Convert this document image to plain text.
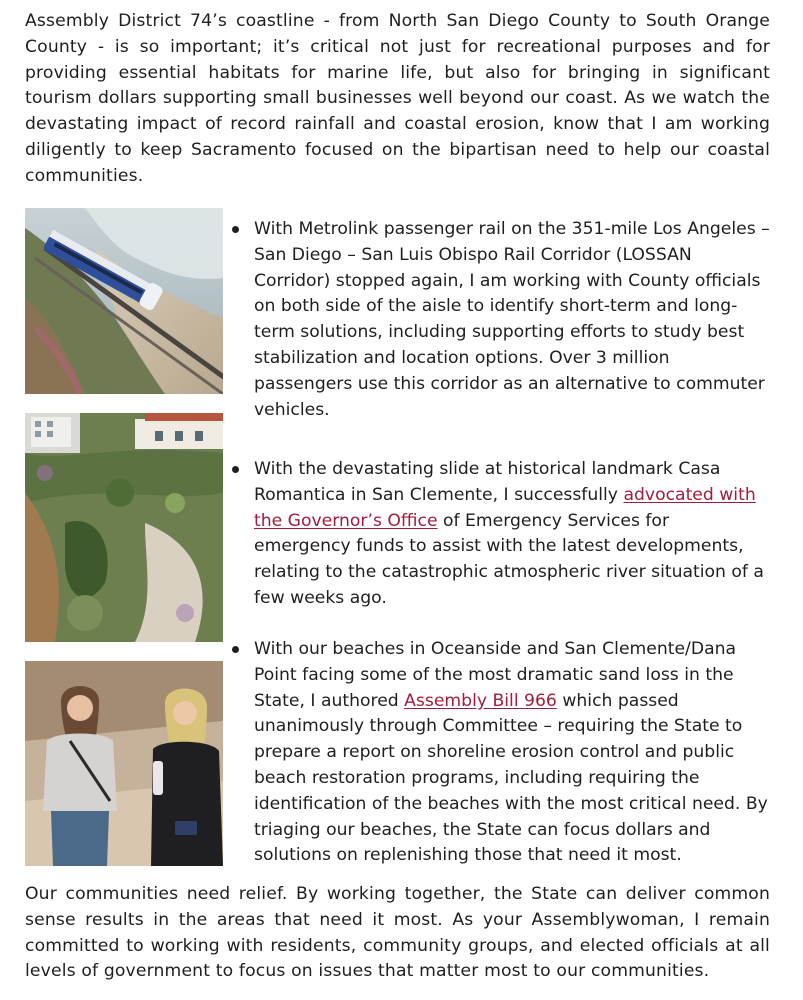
Assembly District 74’s coastline - from North San Diego County to South Orange County - is so important; it’s critical not just for recreational purposes and for providing essential habitats for marine life, but also for bringing in significant tourism dollars supporting small businesses well beyond our coast. As we watch the devastating impact of record rainfall and coastal erosion, know that I am working diligently to keep Sacramento focused on the bipartisan need to help our coastal communities.

With Metrolink passenger rail on the 351-mile Los Angeles – San Diego – San Luis Obispo Rail Corridor (LOSSAN Corridor) stopped again, I am working with County officials on both side of the aisle to identify short-term and long-term solutions, including supporting efforts to study best stabilization and location options. Over 3 million passengers use this corridor as an alternative to commuter vehicles.
With the devastating slide at historical landmark Casa Romantica in San Clemente, I successfully advocated with the Governor’s Office of Emergency Services for emergency funds to assist with the latest developments, relating to the catastrophic atmospheric river situation of a few weeks ago.
With our beaches in Oceanside and San Clemente/Dana Point facing some of the most dramatic sand loss in the State, I authored Assembly Bill 966 which passed unanimously through Committee – requiring the State to prepare a report on shoreline erosion control and public beach restoration programs, including requiring the identification of the beaches with the most critical need. By triaging our beaches, the State can focus dollars and solutions on replenishing those that need it most.

Our communities need relief. By working together, the State can deliver common sense results in the areas that need it most. As your Assemblywoman, I remain committed to working with residents, community groups, and elected officials at all levels of government to focus on issues that matter most to our communities.
